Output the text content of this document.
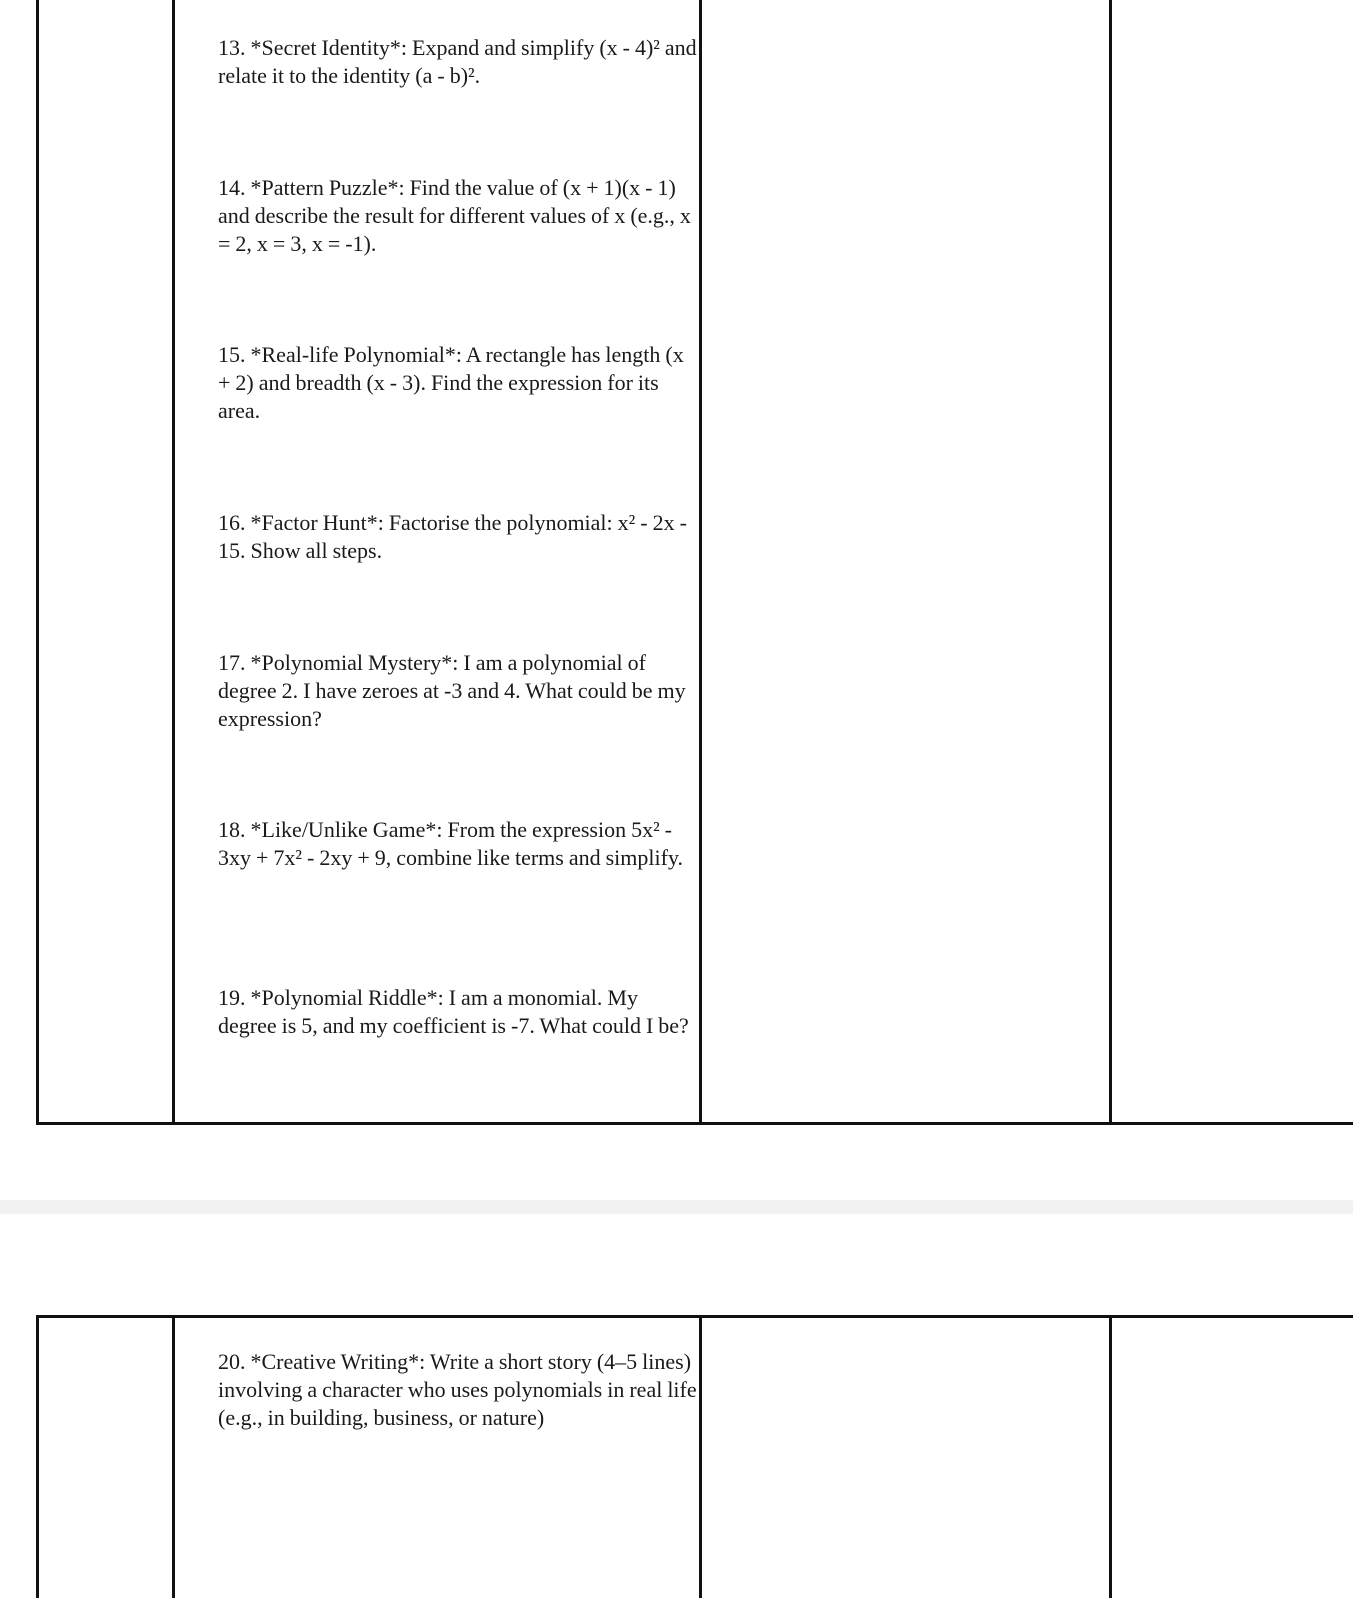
13. *Secret Identity*: Expand and simplify (x - 4)² and relate it to the identity (a - b)².

14. *Pattern Puzzle*: Find the value of (x + 1)(x - 1) and describe the result for different values of x (e.g., x = 2, x = 3, x = -1).

15. *Real-life Polynomial*: A rectangle has length (x + 2) and breadth (x - 3). Find the expression for its area.

16. *Factor Hunt*: Factorise the polynomial: x² - 2x - 15. Show all steps.

17. *Polynomial Mystery*: I am a polynomial of degree 2. I have zeroes at -3 and 4. What could be my expression?

18. *Like/Unlike Game*: From the expression 5x² - 3xy + 7x² - 2xy + 9, combine like terms and simplify.

19. *Polynomial Riddle*: I am a monomial. My degree is 5, and my coefficient is -7. What could I be?

20. *Creative Writing*: Write a short story (4–5 lines) involving a character who uses polynomials in real life (e.g., in building, business, or nature)
